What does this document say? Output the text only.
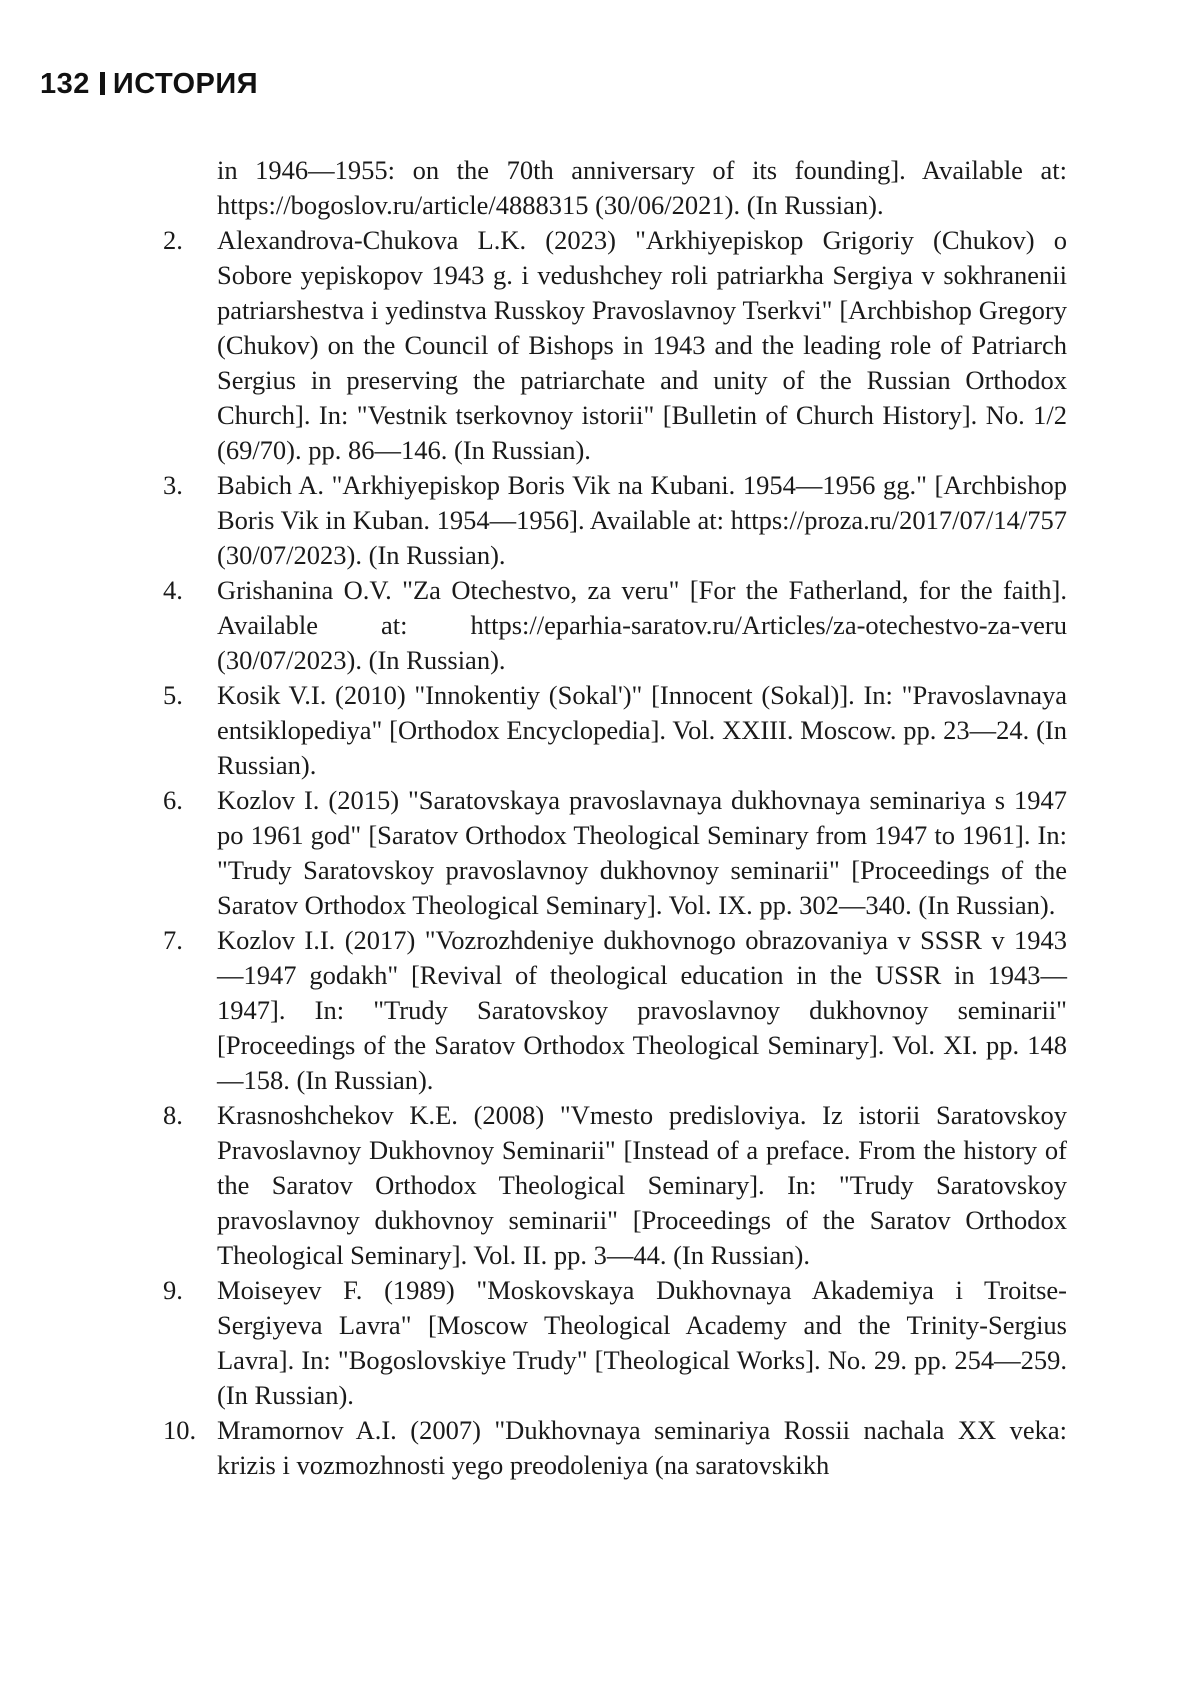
132 ИСТОРИЯ
in 1946—1955: on the 70th anniversary of its founding]. Available at: https://bogoslov.ru/article/4888315 (30/06/2021). (In Russian).
2. Alexandrova-Chukova L.K. (2023) "Arkhiyepiskop Grigoriy (Chukov) o Sobore yepiskopov 1943 g. i vedushchey roli patriarkha Sergiya v sokhranenii patriarshestva i yedinstva Russkoy Pravoslavnoy Tserkvi" [Archbishop Gregory (Chukov) on the Council of Bishops in 1943 and the leading role of Patriarch Sergius in preserving the patriarchate and unity of the Russian Orthodox Church]. In: "Vestnik tserkovnoy istorii" [Bulletin of Church History]. No. 1/2 (69/70). pp. 86—146. (In Russian).
3. Babich A. "Arkhiyepiskop Boris Vik na Kubani. 1954—1956 gg." [Archbishop Boris Vik in Kuban. 1954—1956]. Available at: https://proza.ru/2017/07/14/757 (30/07/2023). (In Russian).
4. Grishanina O.V. "Za Otechestvo, za veru" [For the Fatherland, for the faith]. Available at: https://eparhia-saratov.ru/Articles/za-otechestvo-za-veru (30/07/2023). (In Russian).
5. Kosik V.I. (2010) "Innokentiy (Sokal')" [Innocent (Sokal)]. In: "Pravoslavnaya entsiklopediya" [Orthodox Encyclopedia]. Vol. XXIII. Moscow. pp. 23—24. (In Russian).
6. Kozlov I. (2015) "Saratovskaya pravoslavnaya dukhovnaya seminariya s 1947 po 1961 god" [Saratov Orthodox Theological Seminary from 1947 to 1961]. In: "Trudy Saratovskoy pravoslavnoy dukhovnoy seminarii" [Proceedings of the Saratov Orthodox Theological Seminary]. Vol. IX. pp. 302—340. (In Russian).
7. Kozlov I.I. (2017) "Vozrozhdeniye dukhovnogo obrazovaniya v SSSR v 1943—1947 godakh" [Revival of theological education in the USSR in 1943—1947]. In: "Trudy Saratovskoy pravoslavnoy dukhovnoy seminarii" [Proceedings of the Saratov Orthodox Theological Seminary]. Vol. XI. pp. 148—158. (In Russian).
8. Krasnoshchekov K.E. (2008) "Vmesto predisloviya. Iz istorii Saratovskoy Pravoslavnoy Dukhovnoy Seminarii" [Instead of a preface. From the history of the Saratov Orthodox Theological Seminary]. In: "Trudy Saratovskoy pravoslavnoy dukhovnoy seminarii" [Proceedings of the Saratov Orthodox Theological Seminary]. Vol. II. pp. 3—44. (In Russian).
9. Moiseyev F. (1989) "Moskovskaya Dukhovnaya Akademiya i Troitse-Sergiyeva Lavra" [Moscow Theological Academy and the Trinity-Sergius Lavra]. In: "Bogoslovskiye Trudy" [Theological Works]. No. 29. pp. 254—259. (In Russian).
10. Mramornov A.I. (2007) "Dukhovnaya seminariya Rossii nachala XX veka: krizis i vozmozhnosti yego preodoleniya (na saratovskikh
